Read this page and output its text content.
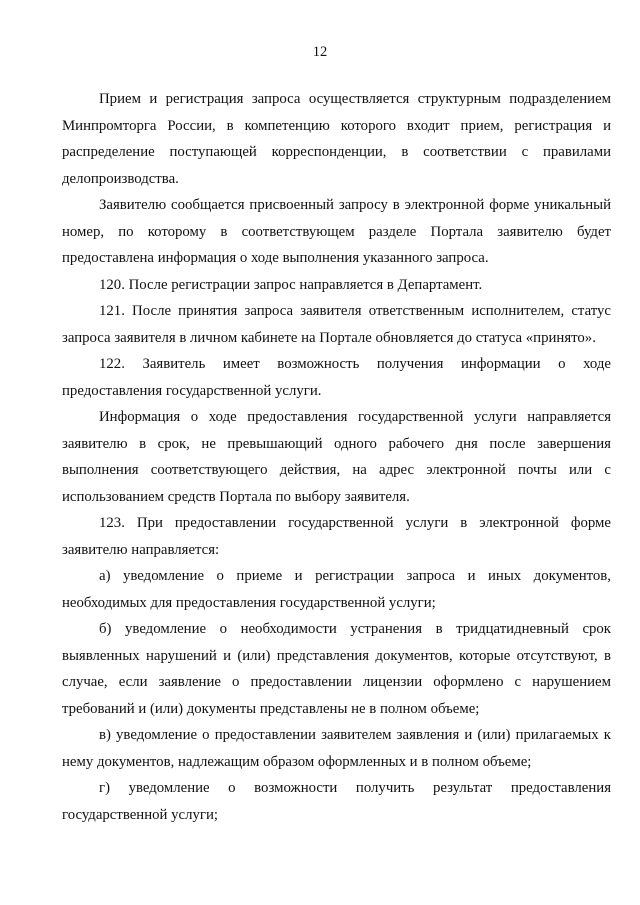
12

Прием и регистрация запроса осуществляется структурным подразделением Минпромторга России, в компетенцию которого входит прием, регистрация и распределение поступающей корреспонденции, в соответствии с правилами делопроизводства.

Заявителю сообщается присвоенный запросу в электронной форме уникальный номер, по которому в соответствующем разделе Портала заявителю будет предоставлена информация о ходе выполнения указанного запроса.

120. После регистрации запрос направляется в Департамент.

121. После принятия запроса заявителя ответственным исполнителем, статус запроса заявителя в личном кабинете на Портале обновляется до статуса «принято».

122. Заявитель имеет возможность получения информации о ходе предоставления государственной услуги.

Информация о ходе предоставления государственной услуги направляется заявителю в срок, не превышающий одного рабочего дня после завершения выполнения соответствующего действия, на адрес электронной почты или с использованием средств Портала по выбору заявителя.

123. При предоставлении государственной услуги в электронной форме заявителю направляется:

а) уведомление о приеме и регистрации запроса и иных документов, необходимых для предоставления государственной услуги;

б) уведомление о необходимости устранения в тридцатидневный срок выявленных нарушений и (или) представления документов, которые отсутствуют, в случае, если заявление о предоставлении лицензии оформлено с нарушением требований и (или) документы представлены не в полном объеме;

в) уведомление о предоставлении заявителем заявления и (или) прилагаемых к нему документов, надлежащим образом оформленных и в полном объеме;

г) уведомление о возможности получить результат предоставления государственной услуги;
